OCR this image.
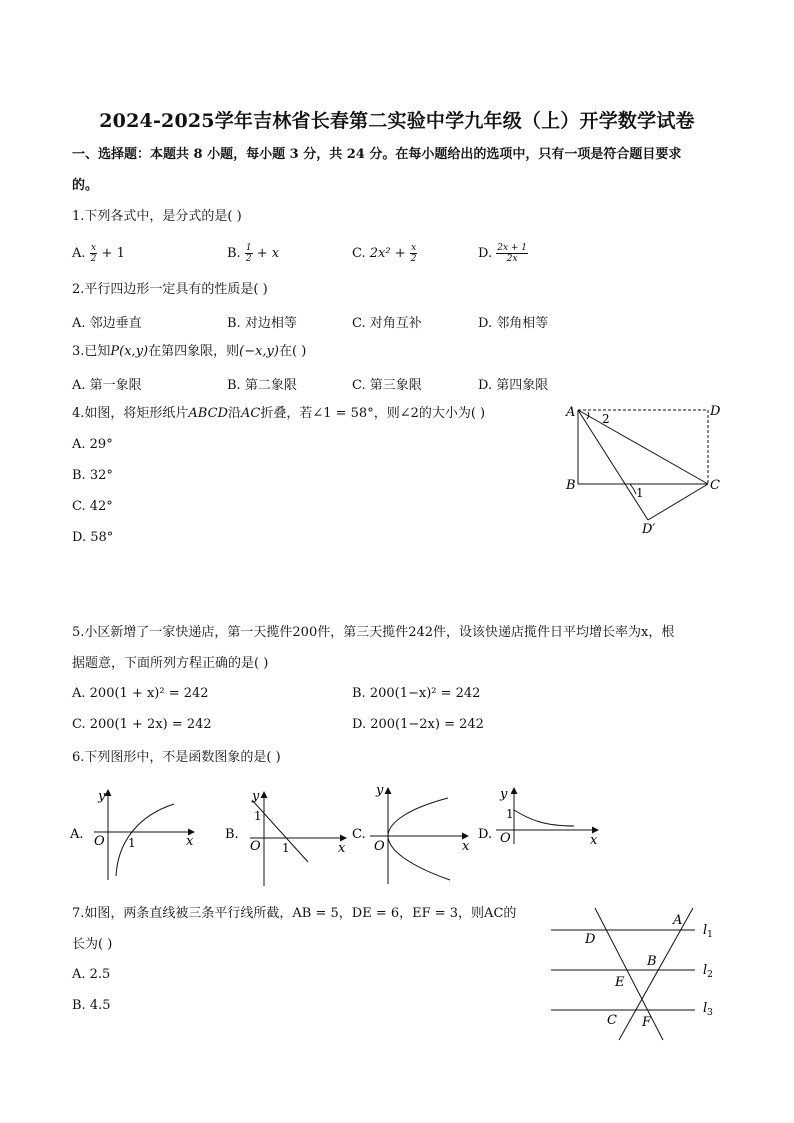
2024-2025学年吉林省长春第二实验中学九年级（上）开学数学试卷
一、选择题：本题共 8 小题，每小题 3 分，共 24 分。在每小题给出的选项中，只有一项是符合题目要求
的。
1.下列各式中，是分式的是( )
A. $\frac{x}{2} + 1$	B. $\frac{1}{2} + x$	C. $2x^2 + \frac{x}{2}$	D. $\frac{2x + 1}{2x}$
2.平行四边形一定具有的性质是( )
A. 邻边垂直	B. 对边相等	C. 对角互补	D. 邻角相等
3.已知P(x,y)在第四象限，则(−x,y)在( )
A. 第一象限	B. 第二象限	C. 第三象限	D. 第四象限
4.如图，将矩形纸片ABCD沿AC折叠，若∠1 = 58°，则∠2的大小为( )
A. 29°
B. 32°
C. 42°
D. 58°
A 2	D
B	1	C
D′
5.小区新增了一家快递店，第一天揽件200件，第三天揽件242件，设该快递店揽件日平均增长率为x，根
据题意，下面所列方程正确的是( )
A. 200(1 + x)² = 242	B. 200(1−x)² = 242
C. 200(1 + 2x) = 242	D. 200(1−2x) = 242
6.下列图形中，不是函数图象的是( )
A.
y
x
O 1
B.
y
x
O
1
1
C.
y
x
O
D.
y
x
O
1
7.如图，两条直线被三条平行线所截，AB = 5，DE = 6，EF = 3，则AC的
长为( )
A. 2.5
B. 4.5
A
$l_1$
D
B
$l_2$
E
$l_3$
C F
